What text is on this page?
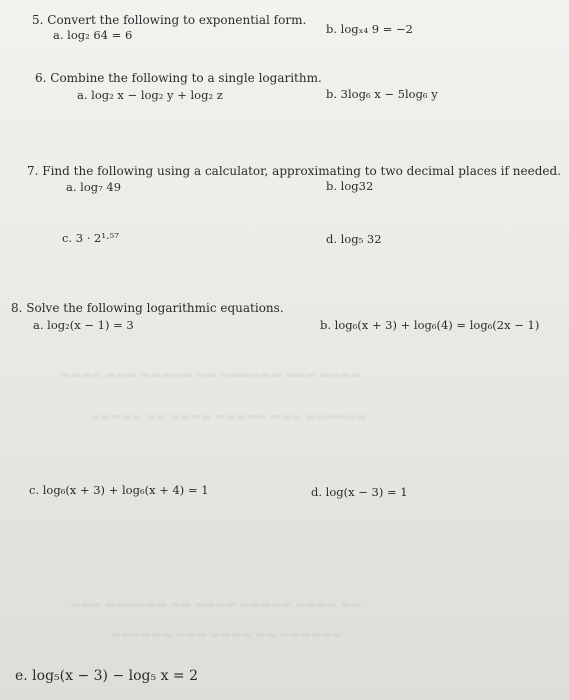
▬▬▬▬ ▬▬▬ ▬▬▬▬▬ ▬▬ ▬▬▬▬▬▬ ▬▬▬ ▬▬▬▬
▬▬▬▬▬ ▬▬ ▬▬▬▬ ▬▬▬▬▬ ▬▬▬ ▬▬▬▬▬▬
▬▬▬ ▬▬▬▬▬▬ ▬▬ ▬▬▬▬ ▬▬▬▬▬ ▬▬▬▬ ▬▬
▬▬▬▬▬▬ ▬▬▬ ▬▬▬▬ ▬▬ ▬▬▬▬▬▬
5. Convert the following to exponential form.
a. log₂ 64 = 6	b. logₓ₄ 9 = −2
6. Combine the following to a single logarithm.
a. log₂ x − log₂ y + log₂ z	b. 3log₆ x − 5log₆ y
7. Find the following using a calculator, approximating to two decimal places if needed.
a. log₇ 49	b. log32
c. 3 · 2¹·⁵⁷	d. log₅ 32
8. Solve the following logarithmic equations.
a. log₂(x − 1) = 3	b. log₆(x + 3) + log₆(4) = log₆(2x − 1)
c. log₆(x + 3) + log₆(x + 4) = 1	d. log(x − 3) = 1
e. log₅(x − 3) − log₅ x = 2
